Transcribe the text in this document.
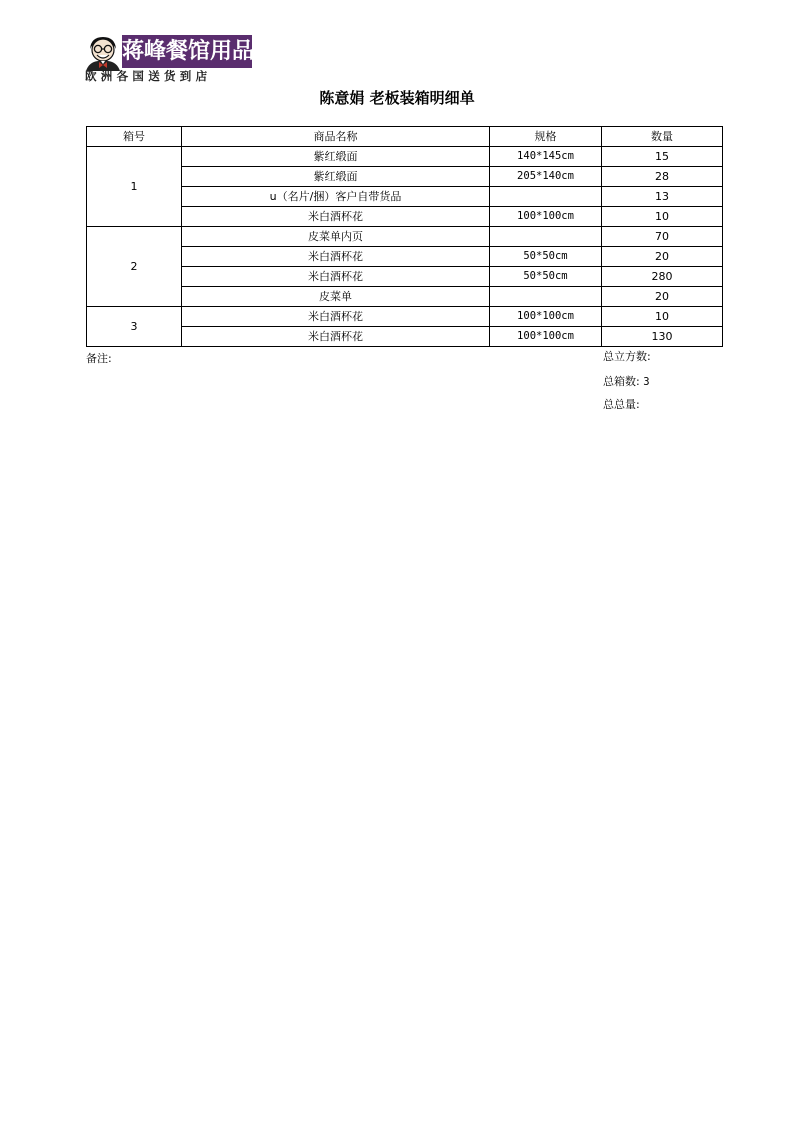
蒋峰餐馆用品
欧洲各国送货到店
陈意娟 老板装箱明细单
箱号	商品名称	规格	数量
1	紫红缎面	140*145cm	15
	紫红缎面	205*140cm	28
	u（名片/捆）客户自带货品		13
	米白酒杯花	100*100cm	10
2	皮菜单内页		70
	米白酒杯花	50*50cm	20
	米白酒杯花	50*50cm	280
	皮菜单		20
3	米白酒杯花	100*100cm	10
	米白酒杯花	100*100cm	130
备注:	总立方数:
总箱数: 3
总总量:
